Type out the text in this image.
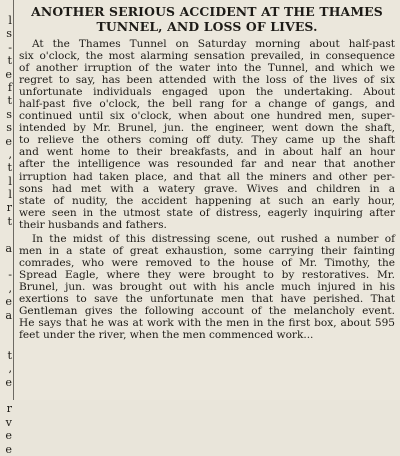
l
s
-
t
e
f
t
s
s
e
,
t
l
l
r
t
a
-
,
e
a
t
,
e
r
v
e
e
ANOTHER SERIOUS ACCIDENT AT THE THAMES
TUNNEL, AND LOSS OF LIVES.
At the Thames Tunnel on Saturday morning about half-past
six o'clock, the most alarming sensation prevailed, in consequence
of another irruption of the water into the Tunnel, and which we
regret to say, has been attended with the loss of the lives of six
unfortunate individuals engaged upon the undertaking. About
half-past five o'clock, the bell rang for a change of gangs, and
continued until six o'clock, when about one hundred men, super-
intended by Mr. Brunel, jun. the engineer, went down the shaft,
to relieve the others coming off duty. They came up the shaft
and went home to their breakfasts, and in about half an hour
after the intelligence was resounded far and near that another
irruption had taken place, and that all the miners and other per-
sons had met with a watery grave. Wives and children in a
state of nudity, the accident happening at such an early hour,
were seen in the utmost state of distress, eagerly inquiring after
their husbands and fathers.
In the midst of this distressing scene, out rushed a number of
men in a state of great exhaustion, some carrying their fainting
comrades, who were removed to the house of Mr. Timothy, the
Spread Eagle, where they were brought to by restoratives. Mr.
Brunel, jun. was brought out with his ancle much injured in his
exertions to save the unfortunate men that have perished. That
Gentleman gives the following account of the melancholy event.
He says that he was at work with the men in the first box, about 595
feet under the river, when the men commenced work...
